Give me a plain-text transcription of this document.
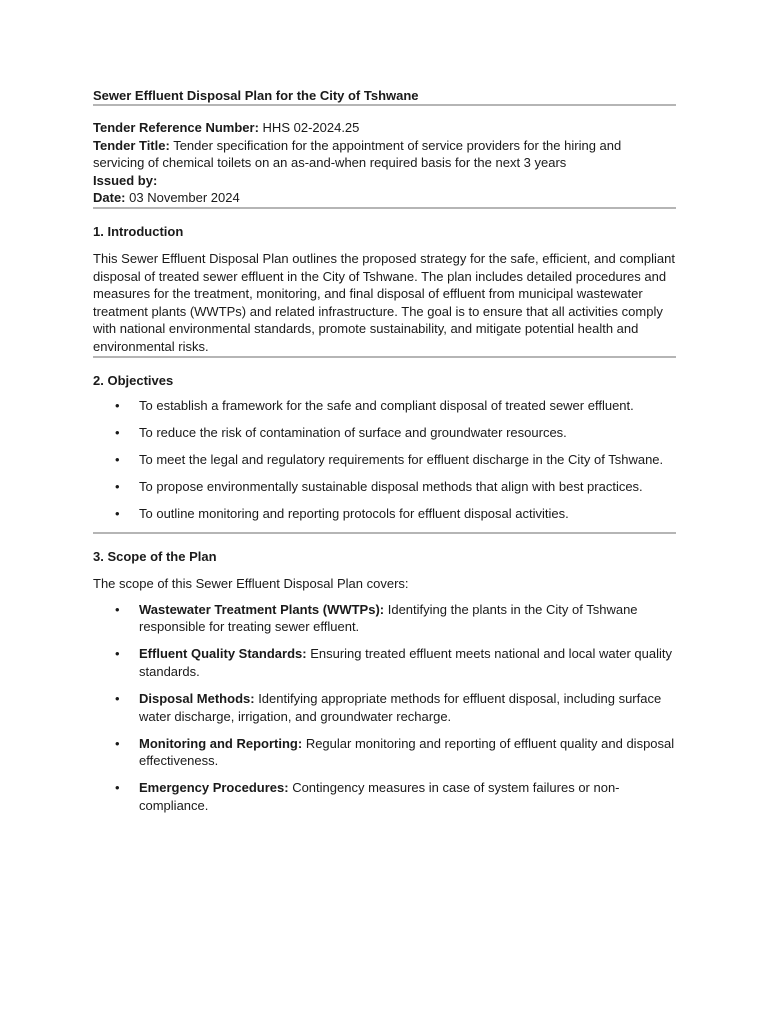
Sewer Effluent Disposal Plan for the City of Tshwane

Tender Reference Number: HHS 02-2024.25

Tender Title: Tender specification for the appointment of service providers for the hiring and servicing of chemical toilets on an as-and-when required basis for the next 3 years

Issued by:

Date: 03 November 2024

1. Introduction

This Sewer Effluent Disposal Plan outlines the proposed strategy for the safe, efficient, and compliant disposal of treated sewer effluent in the City of Tshwane. The plan includes detailed procedures and measures for the treatment, monitoring, and final disposal of effluent from municipal wastewater treatment plants (WWTPs) and related infrastructure. The goal is to ensure that all activities comply with national environmental standards, promote sustainability, and mitigate potential health and environmental risks.

2. Objectives

• To establish a framework for the safe and compliant disposal of treated sewer effluent.
• To reduce the risk of contamination of surface and groundwater resources.
• To meet the legal and regulatory requirements for effluent discharge in the City of Tshwane.
• To propose environmentally sustainable disposal methods that align with best practices.
• To outline monitoring and reporting protocols for effluent disposal activities.

3. Scope of the Plan

The scope of this Sewer Effluent Disposal Plan covers:

• Wastewater Treatment Plants (WWTPs): Identifying the plants in the City of Tshwane responsible for treating sewer effluent.
• Effluent Quality Standards: Ensuring treated effluent meets national and local water quality standards.
• Disposal Methods: Identifying appropriate methods for effluent disposal, including surface water discharge, irrigation, and groundwater recharge.
• Monitoring and Reporting: Regular monitoring and reporting of effluent quality and disposal effectiveness.
• Emergency Procedures: Contingency measures in case of system failures or non-compliance.
